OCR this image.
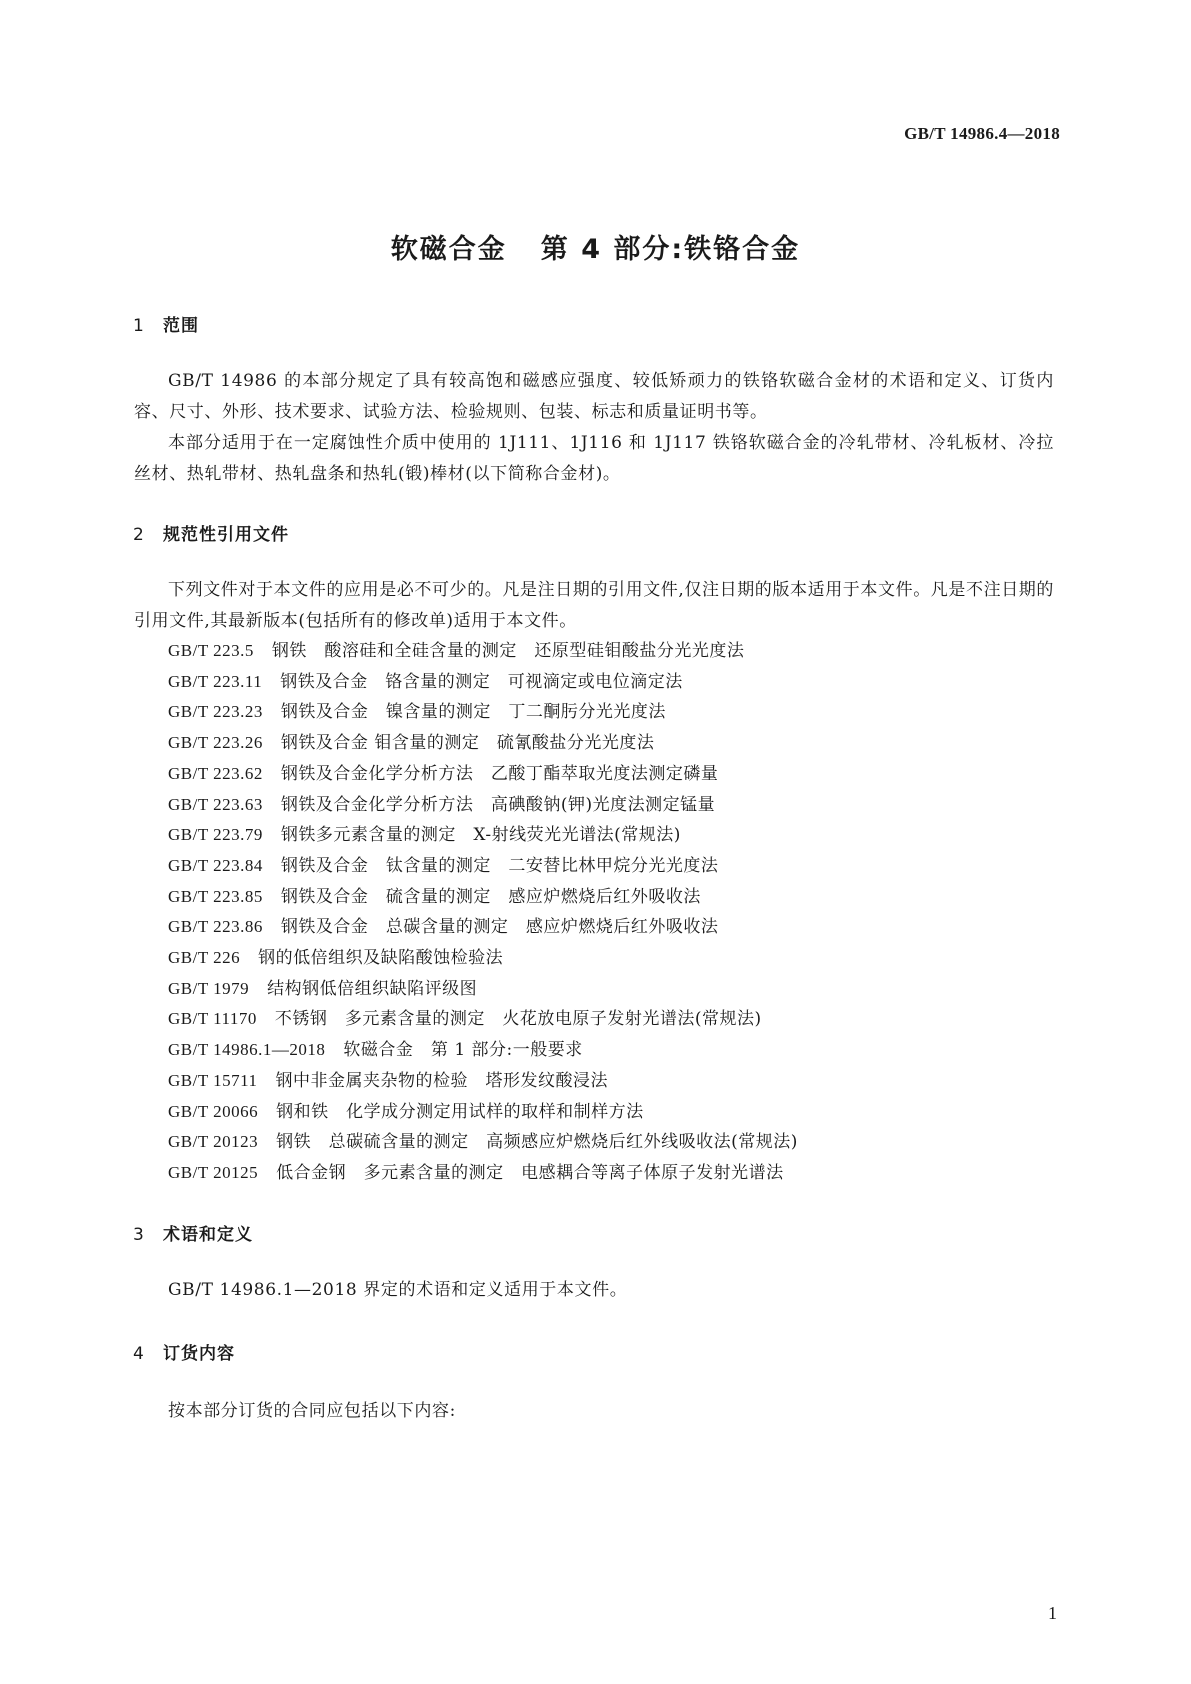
GB/T 14986.4—2018
软磁合金 第 4 部分:铁铬合金
1 范围

GB/T 14986 的本部分规定了具有较高饱和磁感应强度、较低矫顽力的铁铬软磁合金材的术语和定义、订货内容、尺寸、外形、技术要求、试验方法、检验规则、包装、标志和质量证明书等。

本部分适用于在一定腐蚀性介质中使用的 1J111、1J116 和 1J117 铁铬软磁合金的冷轧带材、冷轧板材、冷拉丝材、热轧带材、热轧盘条和热轧(锻)棒材(以下简称合金材)。

2 规范性引用文件

下列文件对于本文件的应用是必不可少的。凡是注日期的引用文件,仅注日期的版本适用于本文件。凡是不注日期的引用文件,其最新版本(包括所有的修改单)适用于本文件。

GB/T 223.5 钢铁　酸溶硅和全硅含量的测定　还原型硅钼酸盐分光光度法
GB/T 223.11 钢铁及合金　铬含量的测定　可视滴定或电位滴定法
GB/T 223.23 钢铁及合金　镍含量的测定　丁二酮肟分光光度法
GB/T 223.26 钢铁及合金 钼含量的测定　硫氰酸盐分光光度法
GB/T 223.62 钢铁及合金化学分析方法　乙酸丁酯萃取光度法测定磷量
GB/T 223.63 钢铁及合金化学分析方法　高碘酸钠(钾)光度法测定锰量
GB/T 223.79 钢铁多元素含量的测定　X-射线荧光光谱法(常规法)
GB/T 223.84 钢铁及合金　钛含量的测定　二安替比林甲烷分光光度法
GB/T 223.85 钢铁及合金　硫含量的测定　感应炉燃烧后红外吸收法
GB/T 223.86 钢铁及合金　总碳含量的测定　感应炉燃烧后红外吸收法
GB/T 226 钢的低倍组织及缺陷酸蚀检验法
GB/T 1979 结构钢低倍组织缺陷评级图
GB/T 11170 不锈钢　多元素含量的测定　火花放电原子发射光谱法(常规法)
GB/T 14986.1—2018 软磁合金　第 1 部分:一般要求
GB/T 15711 钢中非金属夹杂物的检验　塔形发纹酸浸法
GB/T 20066 钢和铁　化学成分测定用试样的取样和制样方法
GB/T 20123 钢铁　总碳硫含量的测定　高频感应炉燃烧后红外线吸收法(常规法)
GB/T 20125 低合金钢　多元素含量的测定　电感耦合等离子体原子发射光谱法
3 术语和定义

GB/T 14986.1—2018 界定的术语和定义适用于本文件。

4 订货内容

按本部分订货的合同应包括以下内容:

1
